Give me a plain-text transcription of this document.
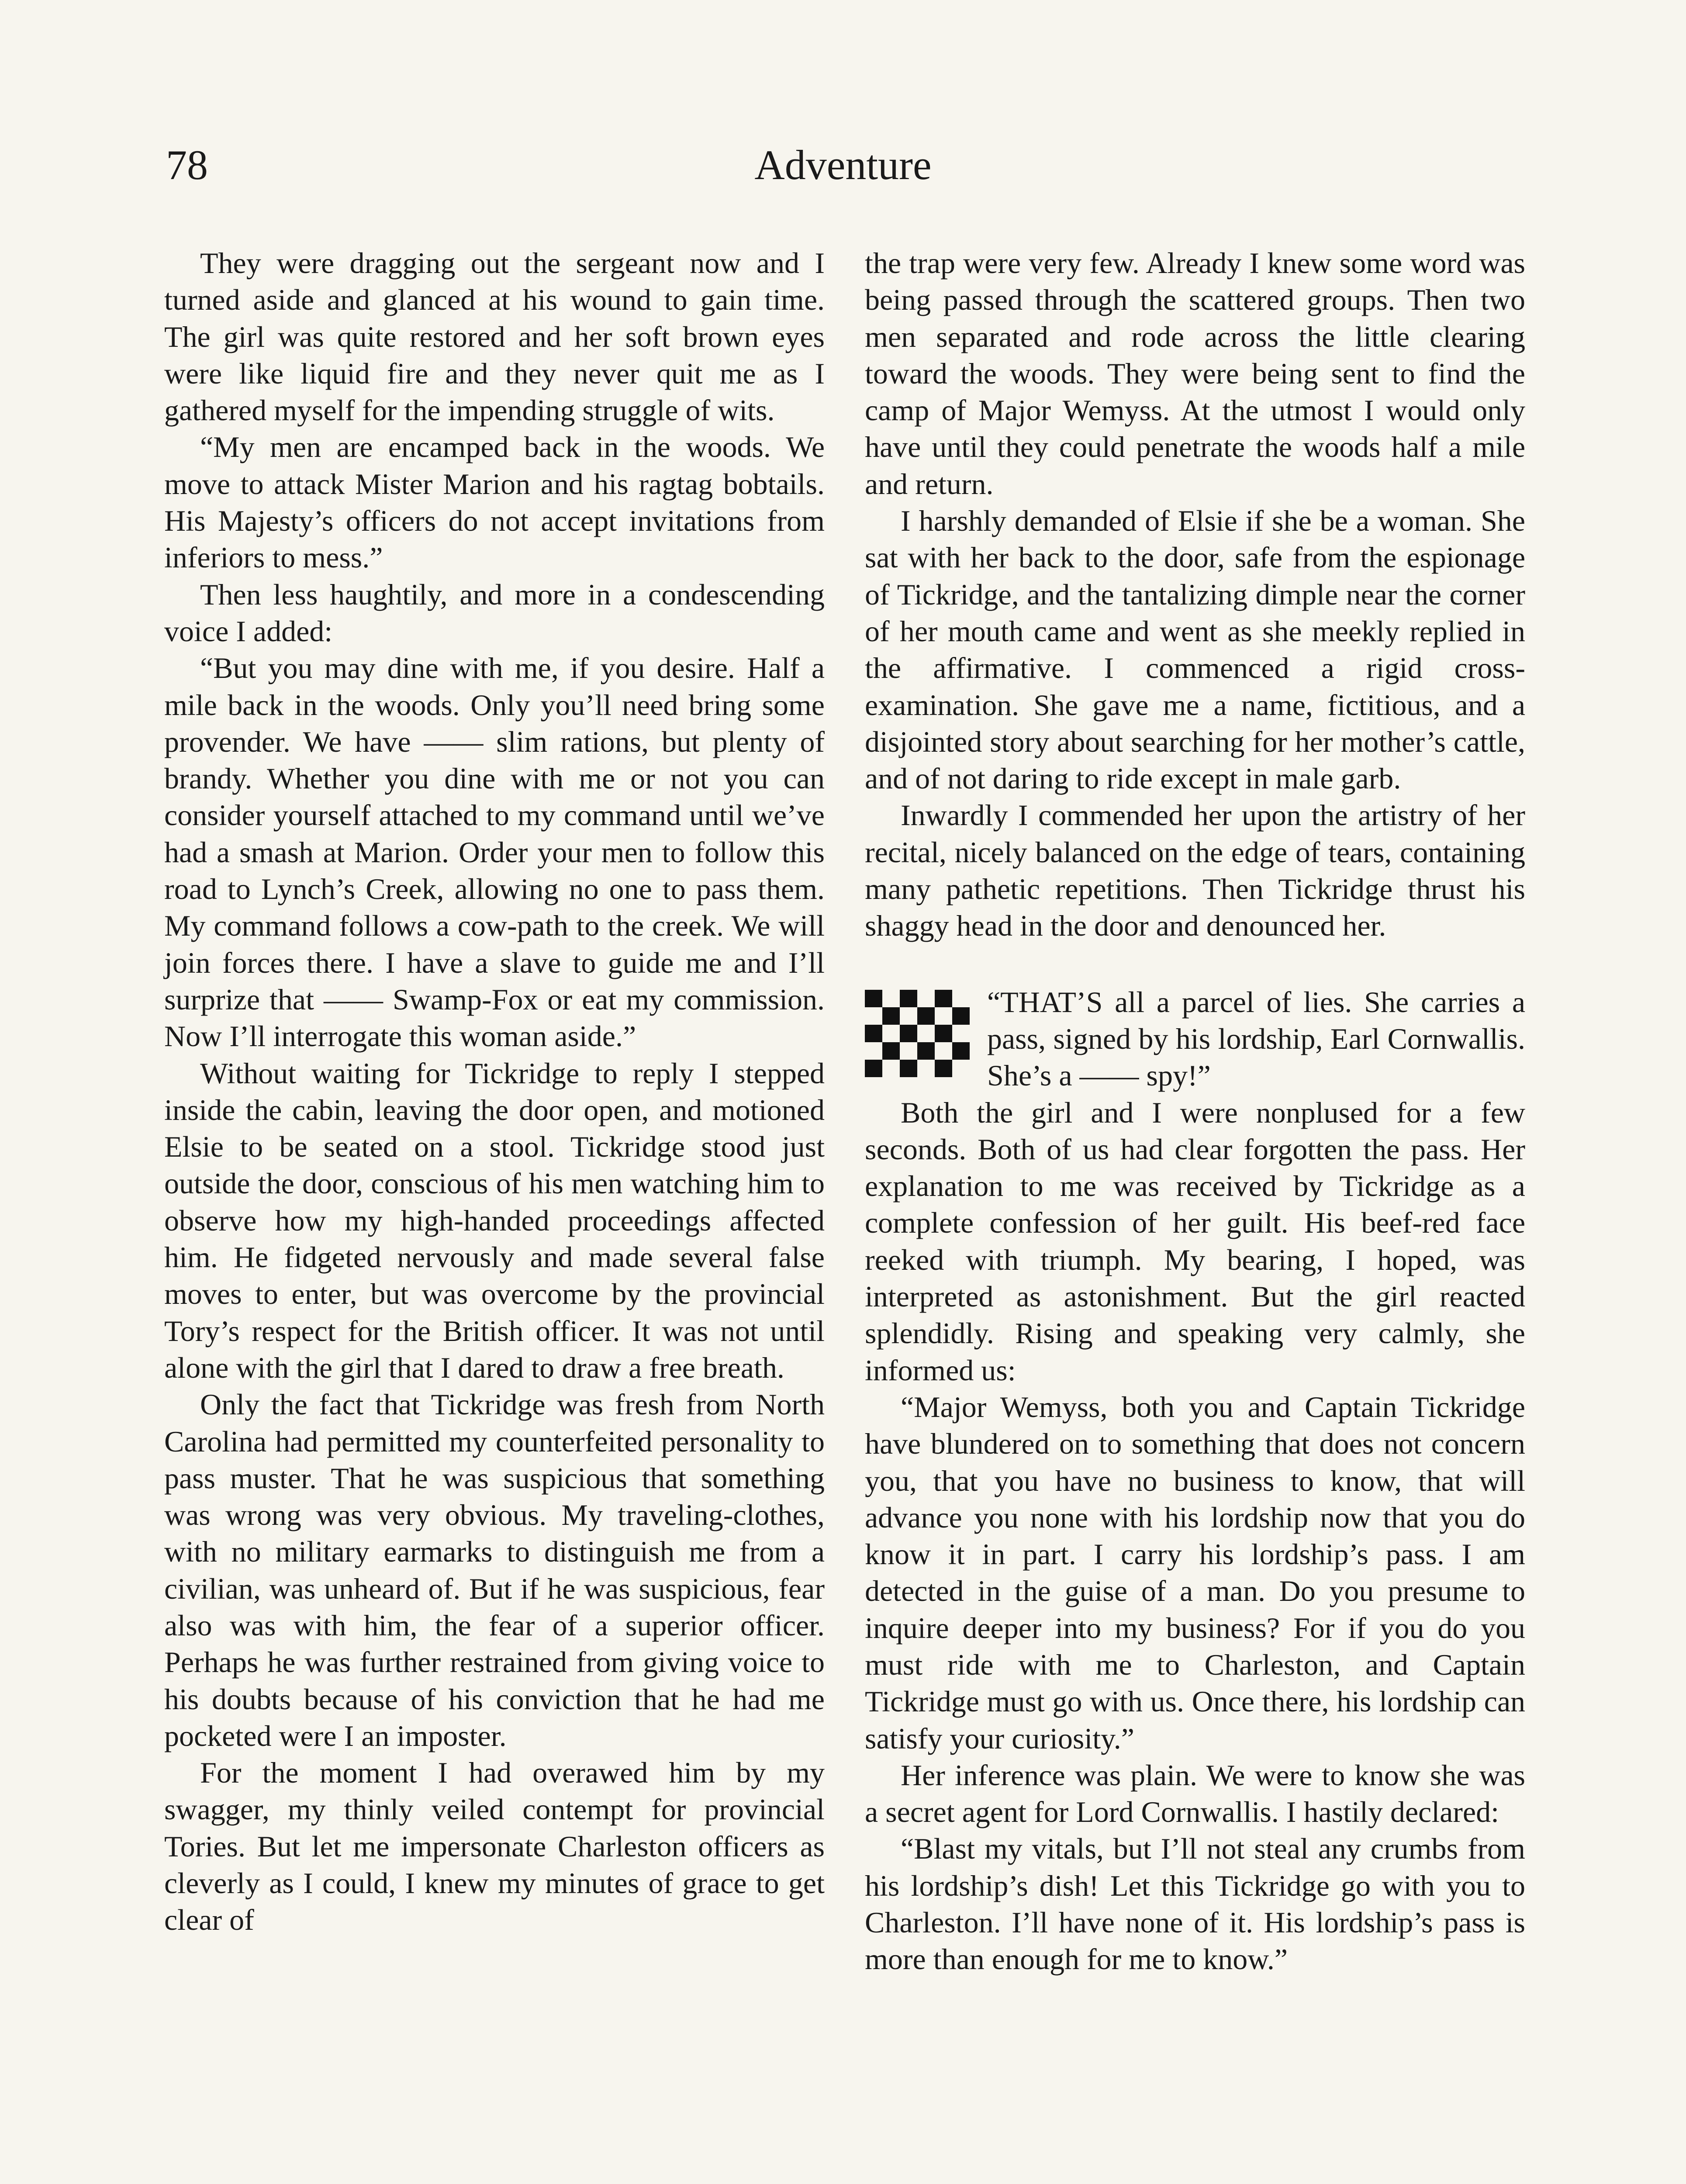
78	Adventure

They were dragging out the sergeant now and I turned aside and glanced at his wound to gain time. The girl was quite restored and her soft brown eyes were like liquid fire and they never quit me as I gathered myself for the impending struggle of wits.

“My men are encamped back in the woods. We move to attack Mister Marion and his ragtag bobtails. His Majesty’s officers do not accept invitations from inferiors to mess.”

Then less haughtily, and more in a condescending voice I added:

“But you may dine with me, if you desire. Half a mile back in the woods. Only you’ll need bring some provender. We have —— slim rations, but plenty of brandy. Whether you dine with me or not you can consider yourself attached to my command until we’ve had a smash at Marion. Order your men to follow this road to Lynch’s Creek, allowing no one to pass them. My command follows a cow-path to the creek. We will join forces there. I have a slave to guide me and I’ll surprize that —— Swamp-Fox or eat my commission. Now I’ll interrogate this woman aside.”

Without waiting for Tickridge to reply I stepped inside the cabin, leaving the door open, and motioned Elsie to be seated on a stool. Tickridge stood just outside the door, conscious of his men watching him to observe how my high-handed proceedings affected him. He fidgeted nervously and made several false moves to enter, but was overcome by the provincial Tory’s respect for the British officer. It was not until alone with the girl that I dared to draw a free breath.

Only the fact that Tickridge was fresh from North Carolina had permitted my counterfeited personality to pass muster. That he was suspicious that something was wrong was very obvious. My traveling-clothes, with no military earmarks to distinguish me from a civilian, was unheard of. But if he was suspicious, fear also was with him, the fear of a superior officer. Perhaps he was further restrained from giving voice to his doubts because of his conviction that he had me pocketed were I an imposter.

For the moment I had overawed him by my swagger, my thinly veiled contempt for provincial Tories. But let me impersonate Charleston officers as cleverly as I could, I knew my minutes of grace to get clear of

the trap were very few. Already I knew some word was being passed through the scattered groups. Then two men separated and rode across the little clearing toward the woods. They were being sent to find the camp of Major Wemyss. At the utmost I would only have until they could penetrate the woods half a mile and return.

I harshly demanded of Elsie if she be a woman. She sat with her back to the door, safe from the espionage of Tickridge, and the tantalizing dimple near the corner of her mouth came and went as she meekly replied in the affirmative. I commenced a rigid cross-examination. She gave me a name, fictitious, and a disjointed story about searching for her mother’s cattle, and of not daring to ride except in male garb.

Inwardly I commended her upon the artistry of her recital, nicely balanced on the edge of tears, containing many pathetic repetitions. Then Tickridge thrust his shaggy head in the door and denounced her.

“THAT’S all a parcel of lies. She carries a pass, signed by his lordship, Earl Cornwallis. She’s a —— spy!”

Both the girl and I were nonplused for a few seconds. Both of us had clear forgotten the pass. Her explanation to me was received by Tickridge as a complete confession of her guilt. His beef-red face reeked with triumph. My bearing, I hoped, was interpreted as astonishment. But the girl reacted splendidly. Rising and speaking very calmly, she informed us:

“Major Wemyss, both you and Captain Tickridge have blundered on to something that does not concern you, that you have no business to know, that will advance you none with his lordship now that you do know it in part. I carry his lordship’s pass. I am detected in the guise of a man. Do you presume to inquire deeper into my business? For if you do you must ride with me to Charleston, and Captain Tickridge must go with us. Once there, his lordship can satisfy your curiosity.”

Her inference was plain. We were to know she was a secret agent for Lord Cornwallis. I hastily declared:

“Blast my vitals, but I’ll not steal any crumbs from his lordship’s dish! Let this Tickridge go with you to Charleston. I’ll have none of it. His lordship’s pass is more than enough for me to know.”
